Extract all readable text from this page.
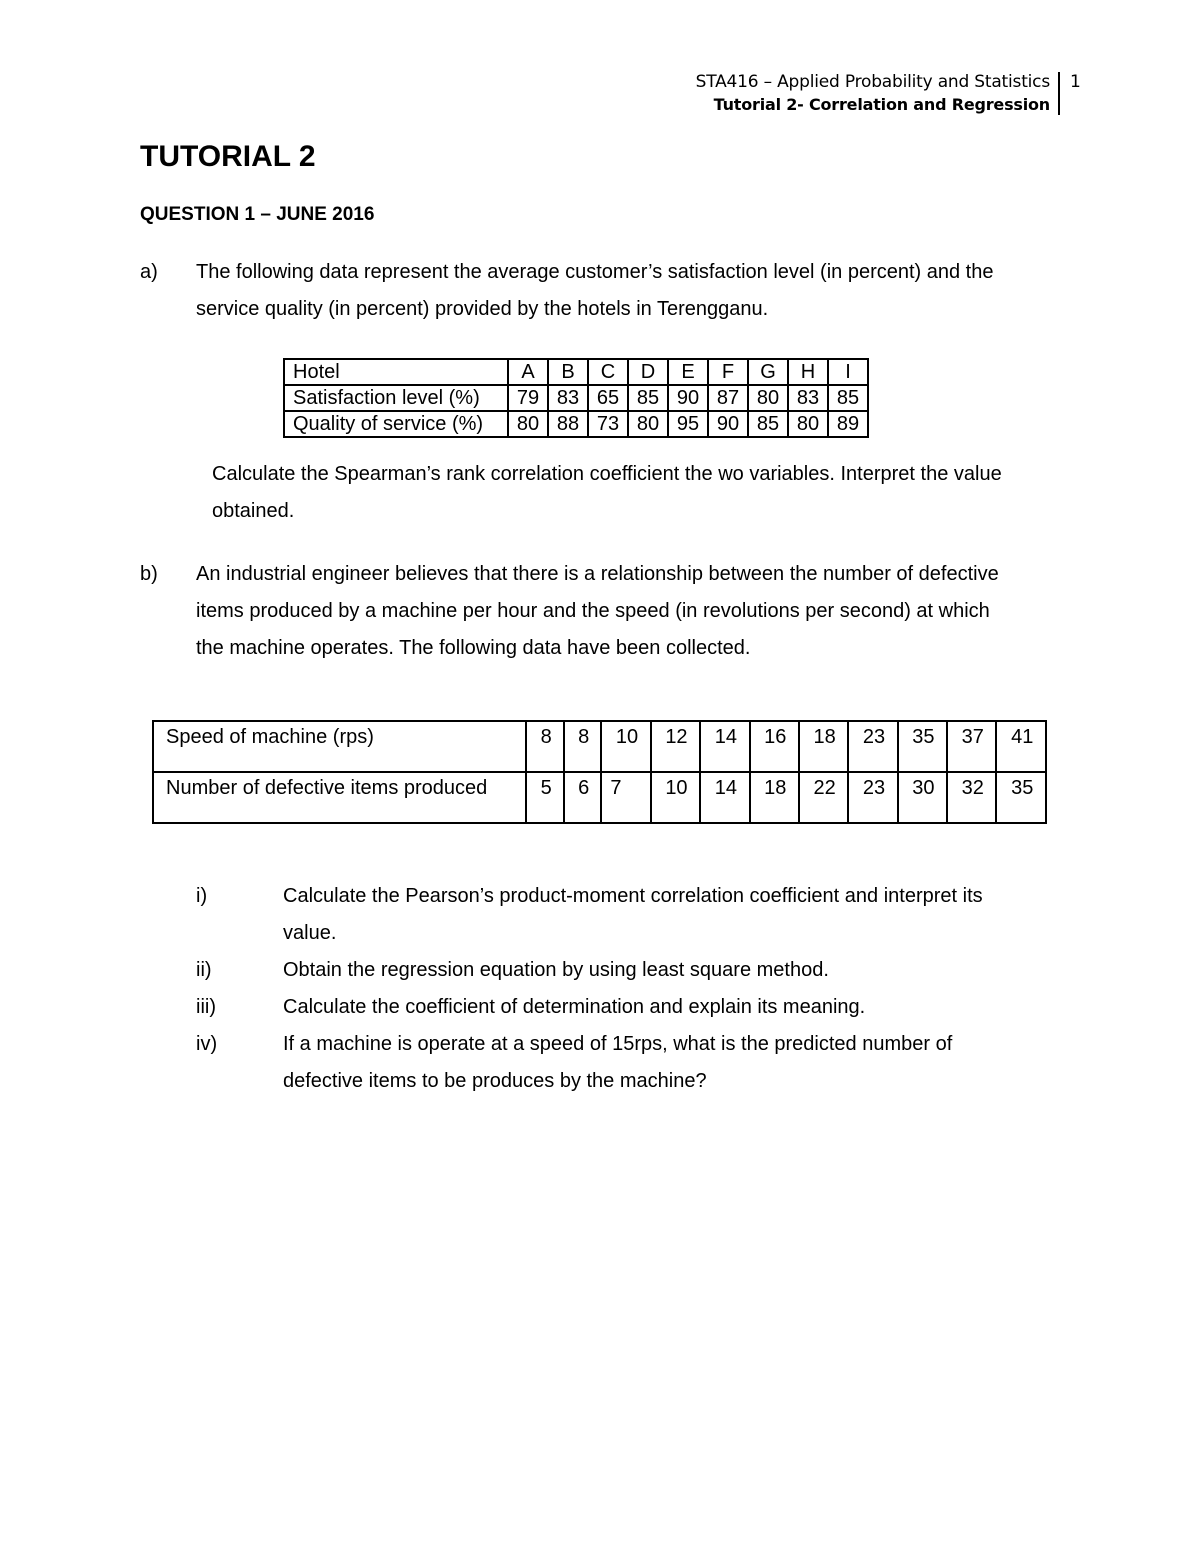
STA416 – Applied Probability and Statistics
Tutorial 2- Correlation and Regression
1
TUTORIAL 2
QUESTION 1 – JUNE 2016
a) The following data represent the average customer’s satisfaction level (in percent) and the

service quality (in percent) provided by the hotels in Terengganu.

Hotel	A	B	C	D	E	F	G	H	I
Satisfaction level (%)	79	83	65	85	90	87	80	83	85
Quality of service (%)	80	88	73	80	95	90	85	80	89

Calculate the Spearman’s rank correlation coefficient the wo variables. Interpret the value

obtained.

b) An industrial engineer believes that there is a relationship between the number of defective

items produced by a machine per hour and the speed (in revolutions per second) at which

the machine operates. The following data have been collected.

Speed of machine (rps)	8	8	10	12	14	16	18	23	35	37	41
Number of defective items produced	5	6	7	10	14	18	22	23	30	32	35
i)	Calculate the Pearson’s product-moment correlation coefficient and interpret its

value.

ii)	Obtain the regression equation by using least square method.

iii)	Calculate the coefficient of determination and explain its meaning.

iv)	If a machine is operate at a speed of 15rps, what is the predicted number of

defective items to be produces by the machine?
